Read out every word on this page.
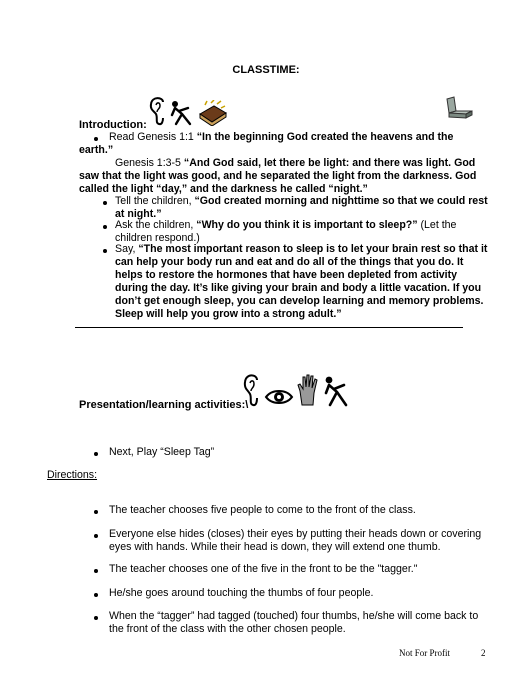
CLASSTIME:
Introduction:
Read Genesis 1:1 “In the beginning God created the heavens and the
earth.”
Genesis 1:3-5 “And God said, let there be light: and there was light. God
saw that the light was good, and he separated the light from the darkness. God
called the light “day,” and the darkness he called “night.”
Tell the children, “God created morning and nighttime so that we could rest
at night.”
Ask the children, “Why do you think it is important to sleep?” (Let the
children respond.)
Say, “The most important reason to sleep is to let your brain rest so that it
can help your body run and eat and do all of the things that you do. It
helps to restore the hormones that have been depleted from activity
during the day. It’s like giving your brain and body a little vacation. If you
don’t get enough sleep, you can develop learning and memory problems.
Sleep will help you grow into a strong adult.”
Presentation/learning activities:\
Next, Play “Sleep Tag”
Directions:
The teacher chooses five people to come to the front of the class.
Everyone else hides (closes) their eyes by putting their heads down or covering
eyes with hands. While their head is down, they will extend one thumb.
The teacher chooses one of the five in the front to be the "tagger."
He/she goes around touching the thumbs of four people.
When the “tagger” had tagged (touched) four thumbs, he/she will come back to
the front of the class with the other chosen people.
Not For Profit	2
